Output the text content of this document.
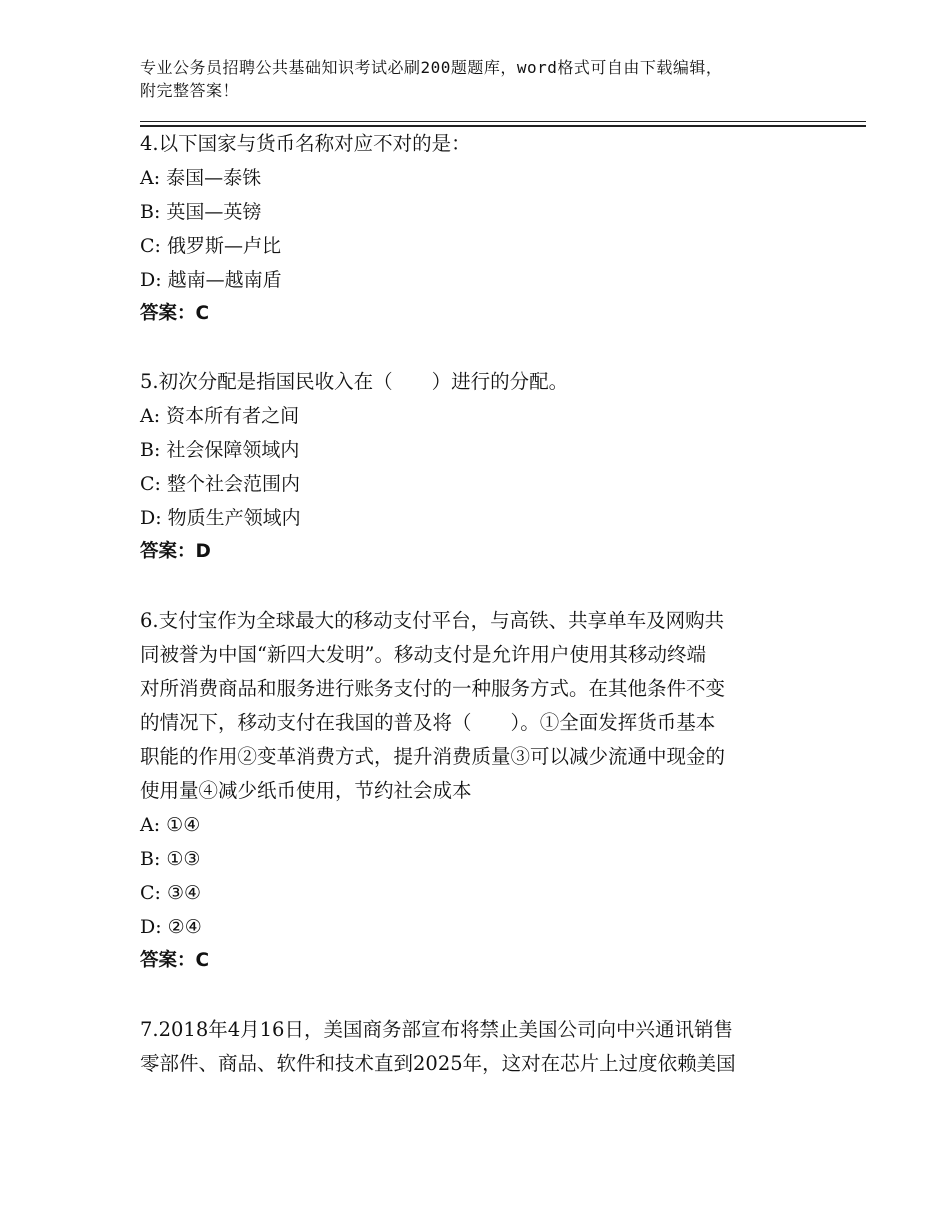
专业公务员招聘公共基础知识考试必刷200题题库，word格式可自由下载编辑，
附完整答案！
4.以下国家与货币名称对应不对的是：
A: 泰国—泰铢
B: 英国—英镑
C: 俄罗斯—卢比
D: 越南—越南盾
答案：C
5.初次分配是指国民收入在（　　）进行的分配。
A: 资本所有者之间
B: 社会保障领域内
C: 整个社会范围内
D: 物质生产领域内
答案：D
6.支付宝作为全球最大的移动支付平台，与高铁、共享单车及网购共
同被誉为中国“新四大发明”。移动支付是允许用户使用其移动终端
对所消费商品和服务进行账务支付的一种服务方式。在其他条件不变
的情况下，移动支付在我国的普及将（　　）。①全面发挥货币基本
职能的作用②变革消费方式，提升消费质量③可以减少流通中现金的
使用量④减少纸币使用，节约社会成本
A: ①④
B: ①③
C: ③④
D: ②④
答案：C
7.2018年4月16日，美国商务部宣布将禁止美国公司向中兴通讯销售
零部件、商品、软件和技术直到2025年，这对在芯片上过度依赖美国
